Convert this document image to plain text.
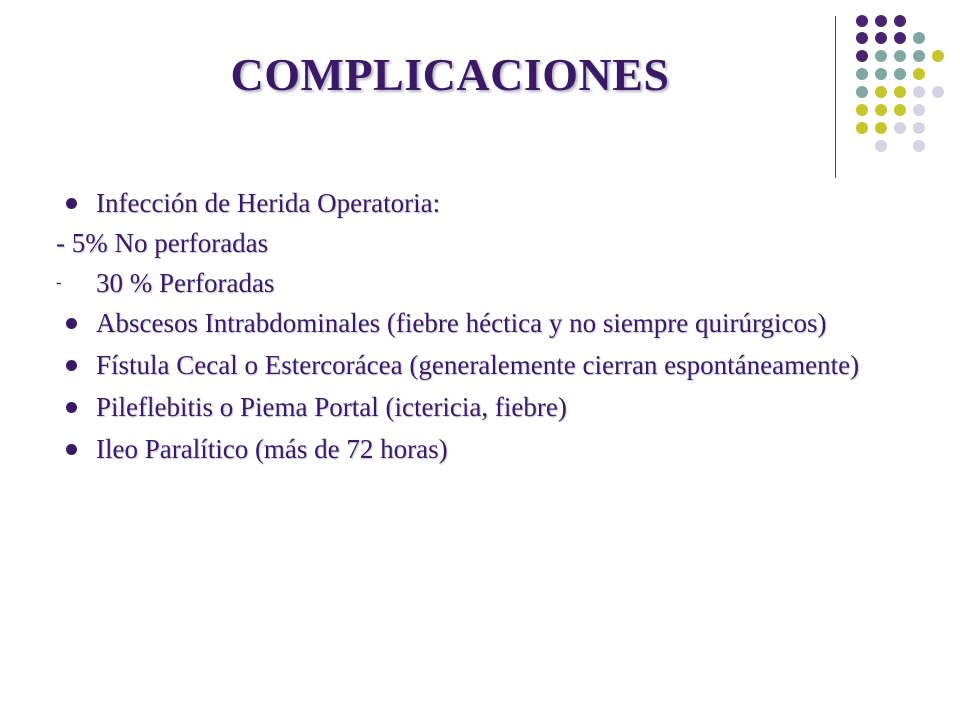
COMPLICACIONES
Infección de Herida Operatoria:
- 5% No perforadas
- 30 % Perforadas
Abscesos Intrabdominales (fiebre héctica y no siempre quirúrgicos)
Fístula Cecal o Estercorácea (generalemente cierran espontáneamente)
Pileflebitis o Piema Portal (ictericia, fiebre)
Ileo Paralítico (más de 72 horas)
